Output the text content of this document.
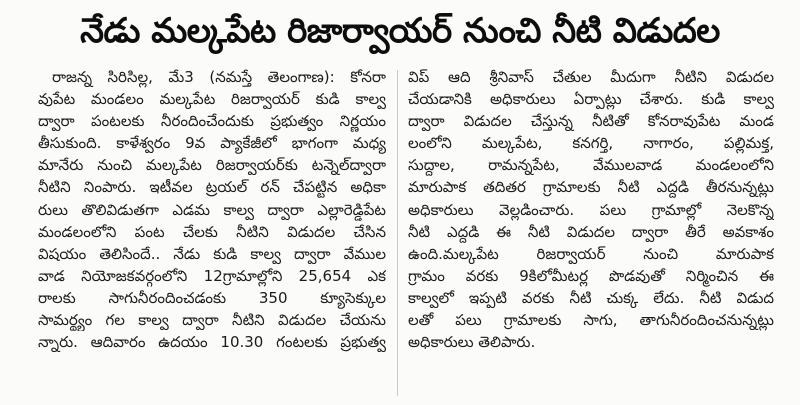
నేడు మల్కపేట రిజార్వాయర్ నుంచి నీటి విడుదల
రాజన్న సిరిసిల్ల, మే3 (నమస్తే తెలంగాణ): కోనరా
వుపేట మండలం మల్కపేట రిజర్వాయర్ కుడి కాల్వ
ద్వారా పంటలకు నీరందించేందుకు ప్రభుత్వం నిర్ణయం
తీసుకుంది. కాళేశ్వరం 9వ ప్యాకేజీలో భాగంగా మధ్య
మానేరు నుంచి మల్కపేట రిజర్వాయర్‌కు టన్నెల్‌ద్వారా
నీటిని నింపారు. ఇటీవల ట్రయల్ రన్ చేపట్టిన అధికా
రులు తొలివిడుతగా ఎడమ కాల్వ ద్వారా ఎల్లారెడ్డిపేట
మండలంలోని పంట చేలకు నీటిని విడుదల చేసిన
విషయం తెలిసిందే.. నేడు కుడి కాల్వ ద్వారా వేముల
వాడ నియోజకవర్గంలోని 12గ్రామాల్లోని 25,654 ఎక
రాలకు సాగునీరందించడంకు 350 క్యూసెక్కుల
సామర్థ్యం గల కాల్వ ద్వారా నీటిని విడుదల చేయను
న్నారు. ఆదివారం ఉదయం 10.30 గంటలకు ప్రభుత్వ
విప్ ఆది శ్రీనివాస్ చేతుల మీదుగా నీటిని విడుదల
చేయడానికి అధికారులు ఏర్పాట్లు చేశారు. కుడి కాల్వ
ద్వారా విడుదల చేస్తున్న నీటితో కోనరావుపేట మండ
లంలోని మల్కపేట, కనగర్తి, నాగారం, పల్లిమక్త,
సుద్దాల, రామన్నపేట, వేములవాడ మండలంలోని
మారుపాక తదితర గ్రామాలకు నీటి ఎద్దడి తీరనున్నట్లు
అధికారులు వెల్లడించారు. పలు గ్రామాల్లో నెలకొన్న
నీటి ఎద్దడి ఈ నీటి విడుదల ద్వారా తీరే అవకాశం
ఉంది.మల్కపేట రిజర్వాయర్ నుంచి మారుపాక
గ్రామం వరకు 9కిలోమీటర్ల పొడవుతో నిర్మించిన ఈ
కాల్వలో ఇప్పటి వరకు నీటి చుక్క లేదు. నీటి విడుద
లతో పలు గ్రామాలకు సాగు, తాగునీరందించనున్నట్లు
అధికారులు తెలిపారు.
